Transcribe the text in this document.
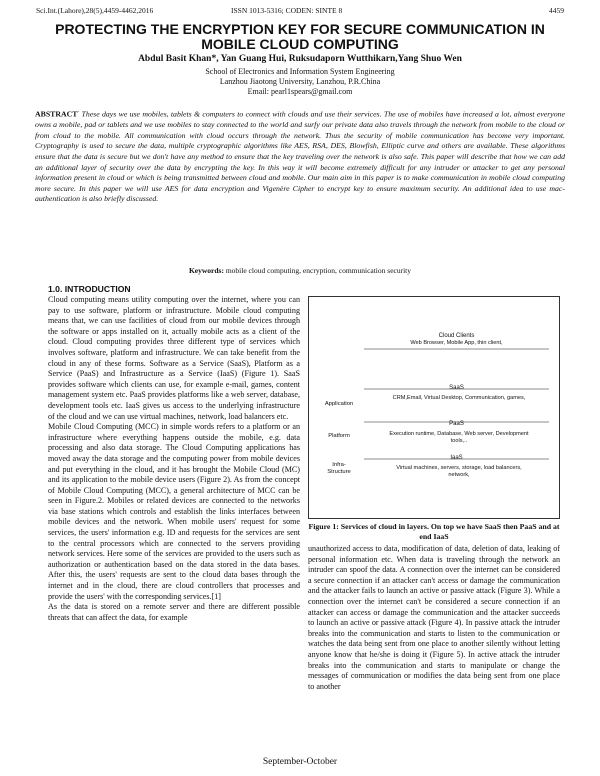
Sci.Int.(Lahore),28(5),4459-4462,2016	ISSN 1013-5316; CODEN: SINTE 8	4459
PROTECTING THE ENCRYPTION KEY FOR SECURE COMMUNICATION IN
MOBILE CLOUD COMPUTING
Abdul Basit Khan*, Yan Guang Hui, Ruksudaporn Wutthikarn,Yang Shuo Wen
School of Electronics and Information System Engineering
Lanzhou Jiaotong University, Lanzhou, P.R.China
Email: pearl1spears@gmail.com
ABSTRACT- These days we use mobiles, tablets & computers to connect with clouds and use their services. The use of mobiles have increased a lot, almost everyone owns a mobile, pad or tablets and we use mobiles to stay connected to the world and surfy our private data also travels through the network from mobile to the cloud or from cloud to the mobile. All communication with cloud occurs through the network. Thus the security of mobile communication has become very important. Cryptography is used to secure the data, multiple cryptographic algorithms like AES, RSA, DES, Blowfish, Elliptic curve and others are available. These algorithms ensure that the data is secure but we don't have any method to ensure that the key traveling over the network is also safe. This paper will describe that how we can add an additional layer of security over the data by encrypting the key. In this way it will become extremely difficult for any intruder or attacker to get any personal information present in cloud or which is being transmitted between cloud and mobile. Our main aim in this paper is to make communication in mobile cloud computing more secure. In this paper we will use AES for data encryption and Vigenère Cipher to encrypt key to ensure maximum security. An additional idea to use mac-authentication is also briefly discussed.
Keywords: mobile cloud computing, encryption, communication security
1.0. INTRODUCTION

Cloud computing means utility computing over the internet, where you can pay to use software, platform or infrastructure. Mobile cloud computing means that, we can use facilities of cloud from our mobile devices through the software or apps installed on it, actually mobile acts as a client of the cloud. Cloud computing provides three different type of services which involves software, platform and infrastructure. We can take benefit from the cloud in any of these forms. Software as a Service (SaaS), Platform as a Service (PaaS) and Infrastructure as a Service (IaaS) (Figure 1). SaaS provides software which clients can use, for example e-mail, games, content management system etc. PaaS provides platforms like a web server, database, development tools etc. IaaS gives us access to the underlying infrastructure of the cloud and we can use virtual machines, network, load balancers etc.

Mobile Cloud Computing (MCC) in simple words refers to a platform or an infrastructure where everything happens outside the mobile, e.g. data processing and also data storage. The Cloud Computing applications has moved away the data storage and the computing power from mobile devices and put everything in the cloud, and it has brought the Mobile Cloud (MC) and its application to the mobile device users (Figure 2). As from the concept of Mobile Cloud Computing (MCC), a general architecture of MCC can be seen in Figure.2. Mobiles or related devices are connected to the networks via base stations which controls and establish the links interfaces between mobile devices and the network. When mobile users' request for some services, the users' information e.g. ID and requests for the services are sent to the central processors which are connected to the servers providing network services. Here some of the services are provided to the users such as authorization or authentication based on the data stored in the data bases. After this, the users' requests are sent to the cloud data bases through the internet and in the cloud, there are cloud controllers that processes and provide the users' with the corresponding services.[1]

As the data is stored on a remote server and there are different possible threats that can affect the data, for example

Cloud Clients
Web Browser, Mobile App, thin client,
Application
SaaS
CRM,Email, Virtual Desktop, Communication, games,
Platform
PaaS
Execution runtime, Database, Web server, Development tools,..
Infra-
Structure
IaaS
Virtual machines, servers, storage, load balancers, network,
Figure 1: Services of cloud in layers. On top we have SaaS then PaaS and at end IaaS

unauthorized access to data, modification of data, deletion of data, leaking of personal information etc. When data is traveling through the network an intruder can spoof the data. A connection over the internet can be considered a secure connection if an attacker can't access or damage the communication and the attacker fails to launch an active or passive attack (Figure 3). While a connection over the internet can't be considered a secure connection if an attacker can access or damage the communication and the attacker succeeds to launch an active or passive attack (Figure 4). In passive attack the intruder breaks into the communication and starts to listen to the communication or watches the data being sent from one place to another silently without letting anyone know that he/she is doing it (Figure 5). In active attack the intruder breaks into the communication and starts to manipulate or change the messages of communication or modifies the data being sent from one place to another

September-October
